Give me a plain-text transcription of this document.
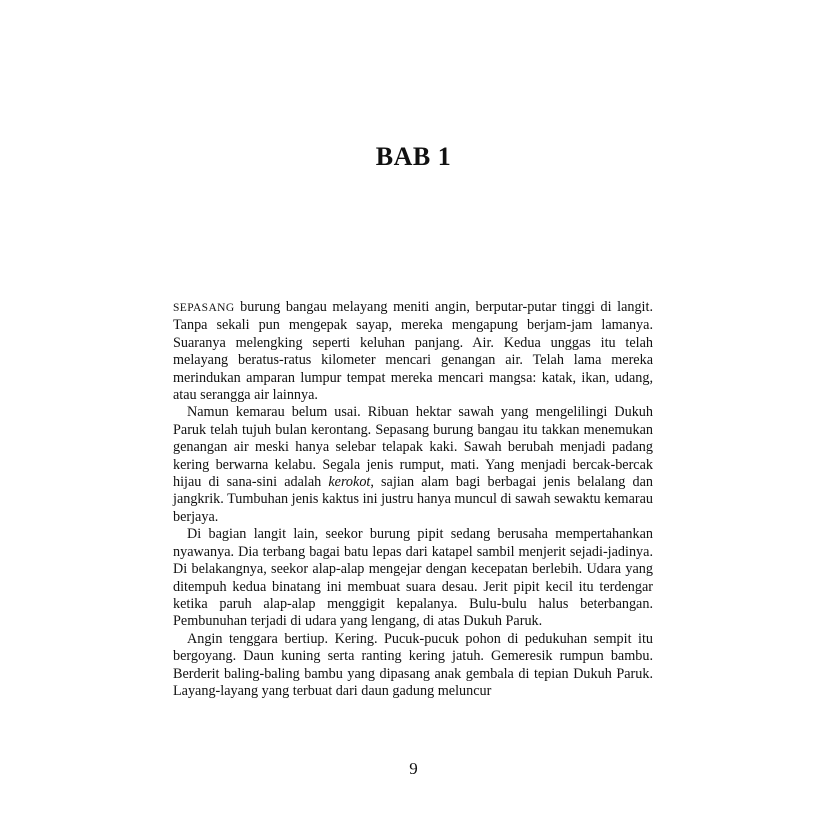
BAB 1

SEPASANG burung bangau melayang meniti angin, berputar-putar tinggi di langit. Tanpa sekali pun mengepak sayap, mereka mengapung berjam-jam lamanya. Suaranya melengking seperti keluhan panjang. Air. Kedua unggas itu telah melayang beratus-ratus kilometer mencari genangan air. Telah lama mereka merindukan amparan lumpur tempat mereka mencari mangsa: katak, ikan, udang, atau serangga air lainnya.

Namun kemarau belum usai. Ribuan hektar sawah yang mengelilingi Dukuh Paruk telah tujuh bulan kerontang. Sepasang burung bangau itu takkan menemukan genangan air meski hanya selebar telapak kaki. Sawah berubah menjadi padang kering berwarna kelabu. Segala jenis rumput, mati. Yang menjadi bercak-bercak hijau di sana-sini adalah kerokot, sajian alam bagi berbagai jenis belalang dan jangkrik. Tumbuhan jenis kaktus ini justru hanya muncul di sawah sewaktu kemarau berjaya.

Di bagian langit lain, seekor burung pipit sedang berusaha mempertahankan nyawanya. Dia terbang bagai batu lepas dari katapel sambil menjerit sejadi-jadinya. Di belakangnya, seekor alap-alap mengejar dengan kecepatan berlebih. Udara yang ditempuh kedua binatang ini membuat suara desau. Jerit pipit kecil itu terdengar ketika paruh alap-alap menggigit kepalanya. Bulu-bulu halus beterbangan. Pembunuhan terjadi di udara yang lengang, di atas Dukuh Paruk.

Angin tenggara bertiup. Kering. Pucuk-pucuk pohon di pedukuhan sempit itu bergoyang. Daun kuning serta ranting kering jatuh. Gemeresik rumpun bambu. Berderit baling-baling bambu yang dipasang anak gembala di tepian Dukuh Paruk. Layang-layang yang terbuat dari daun gadung meluncur

9
